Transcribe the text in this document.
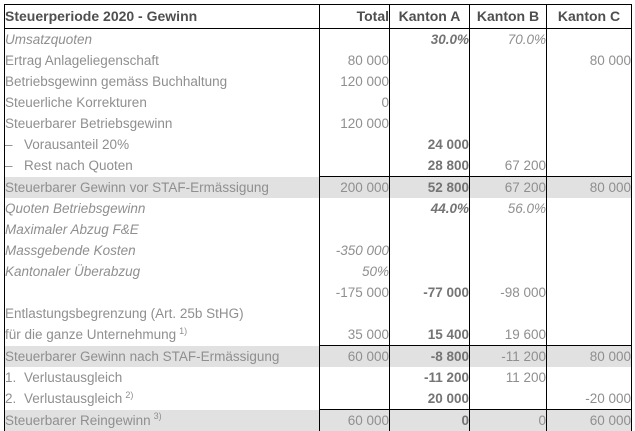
Steuerperiode 2020 - Gewinn	Total	Kanton A	Kanton B	Kanton C
Umsatzquoten		30.0%	70.0%	
Ertrag Anlageliegenschaft	80 000			80 000
Betriebsgewinn gemäss Buchhaltung	120 000			
Steuerliche Korrekturen	0			
Steuerbarer Betriebsgewinn	120 000			
– Vorausanteil 20%		24 000		
– Rest nach Quoten		28 800	67 200	
Steuerbarer Gewinn vor STAF-Ermässigung	200 000	52 800	67 200	80 000
Quoten Betriebsgewinn		44.0%	56.0%	
Maximaler Abzug F&E				
Massgebende Kosten	-350 000			
Kantonaler Überabzug	50%			
	-175 000	-77 000	-98 000	
Entlastungsbegrenzung (Art. 25b StHG)				
für die ganze Unternehmung $^{1)}$	35 000	15 400	19 600	
Steuerbarer Gewinn nach STAF-Ermässigung	60 000	-8 800	-11 200	80 000
1. Verlustausgleich		-11 200	11 200	
2. Verlustausgleich $^{2)}$		20 000		-20 000
Steuerbarer Reingewinn $^{3)}$	60 000	0	0	60 000
